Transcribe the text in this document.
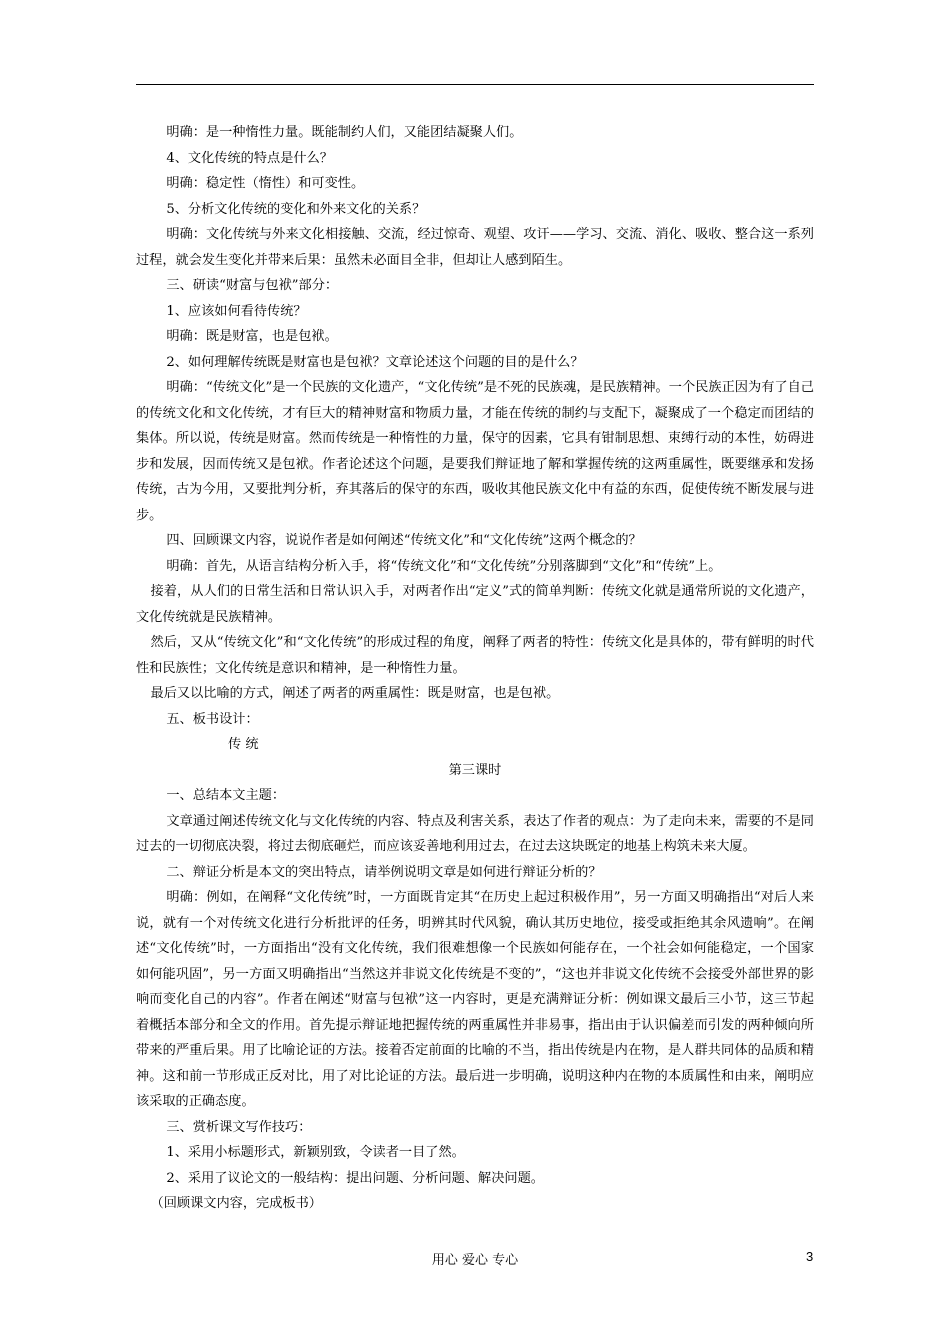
明确：是一种惰性力量。既能制约人们，又能团结凝聚人们。

4、文化传统的特点是什么？

明确：稳定性（惰性）和可变性。

5、分析文化传统的变化和外来文化的关系？

明确：文化传统与外来文化相接触、交流，经过惊奇、观望、攻讦——学习、交流、消化、吸收、整合这一系列过程，就会发生变化并带来后果：虽然未必面目全非，但却让人感到陌生。

三、研读“财富与包袱”部分：

1、应该如何看待传统？

明确：既是财富，也是包袱。

2、如何理解传统既是财富也是包袱？文章论述这个问题的目的是什么？

明确：“传统文化”是一个民族的文化遗产，“文化传统”是不死的民族魂，是民族精神。一个民族正因为有了自己的传统文化和文化传统，才有巨大的精神财富和物质力量，才能在传统的制约与支配下，凝聚成了一个稳定而团结的集体。所以说，传统是财富。然而传统是一种惰性的力量，保守的因素，它具有钳制思想、束缚行动的本性，妨碍进步和发展，因而传统又是包袱。作者论述这个问题，是要我们辩证地了解和掌握传统的这两重属性，既要继承和发扬传统，古为今用，又要批判分析，弃其落后的保守的东西，吸收其他民族文化中有益的东西，促使传统不断发展与进步。

四、回顾课文内容，说说作者是如何阐述“传统文化”和“文化传统”这两个概念的？

明确：首先，从语言结构分析入手，将“传统文化”和“文化传统”分别落脚到“文化”和“传统”上。

接着，从人们的日常生活和日常认识入手，对两者作出“定义”式的简单判断：传统文化就是通常所说的文化遗产，文化传统就是民族精神。

然后，又从“传统文化”和“文化传统”的形成过程的角度，阐释了两者的特性：传统文化是具体的，带有鲜明的时代性和民族性；文化传统是意识和精神，是一种惰性力量。

最后又以比喻的方式，阐述了两者的两重属性：既是财富，也是包袱。

五、板书设计：

传 统

第三课时

一、总结本文主题：

文章通过阐述传统文化与文化传统的内容、特点及利害关系，表达了作者的观点：为了走向未来，需要的不是同过去的一切彻底决裂，将过去彻底砸烂，而应该妥善地利用过去，在过去这块既定的地基上构筑未来大厦。

二、辩证分析是本文的突出特点，请举例说明文章是如何进行辩证分析的？

明确：例如，在阐释“文化传统”时，一方面既肯定其“在历史上起过积极作用”，另一方面又明确指出“对后人来说，就有一个对传统文化进行分析批评的任务，明辨其时代风貌，确认其历史地位，接受或拒绝其余风遗响”。在阐述“文化传统”时，一方面指出“没有文化传统，我们很难想像一个民族如何能存在，一个社会如何能稳定，一个国家如何能巩固”，另一方面又明确指出“当然这并非说文化传统是不变的”，“这也并非说文化传统不会接受外部世界的影响而变化自己的内容”。作者在阐述“财富与包袱”这一内容时，更是充满辩证分析：例如课文最后三小节，这三节起着概括本部分和全文的作用。首先提示辩证地把握传统的两重属性并非易事，指出由于认识偏差而引发的两种倾向所带来的严重后果。用了比喻论证的方法。接着否定前面的比喻的不当，指出传统是内在物，是人群共同体的品质和精神。这和前一节形成正反对比，用了对比论证的方法。最后进一步明确，说明这种内在物的本质属性和由来，阐明应该采取的正确态度。

三、赏析课文写作技巧：

1、采用小标题形式，新颖别致，令读者一目了然。

2、采用了议论文的一般结构：提出问题、分析问题、解决问题。

（回顾课文内容，完成板书）

用心 爱心 专心	3
